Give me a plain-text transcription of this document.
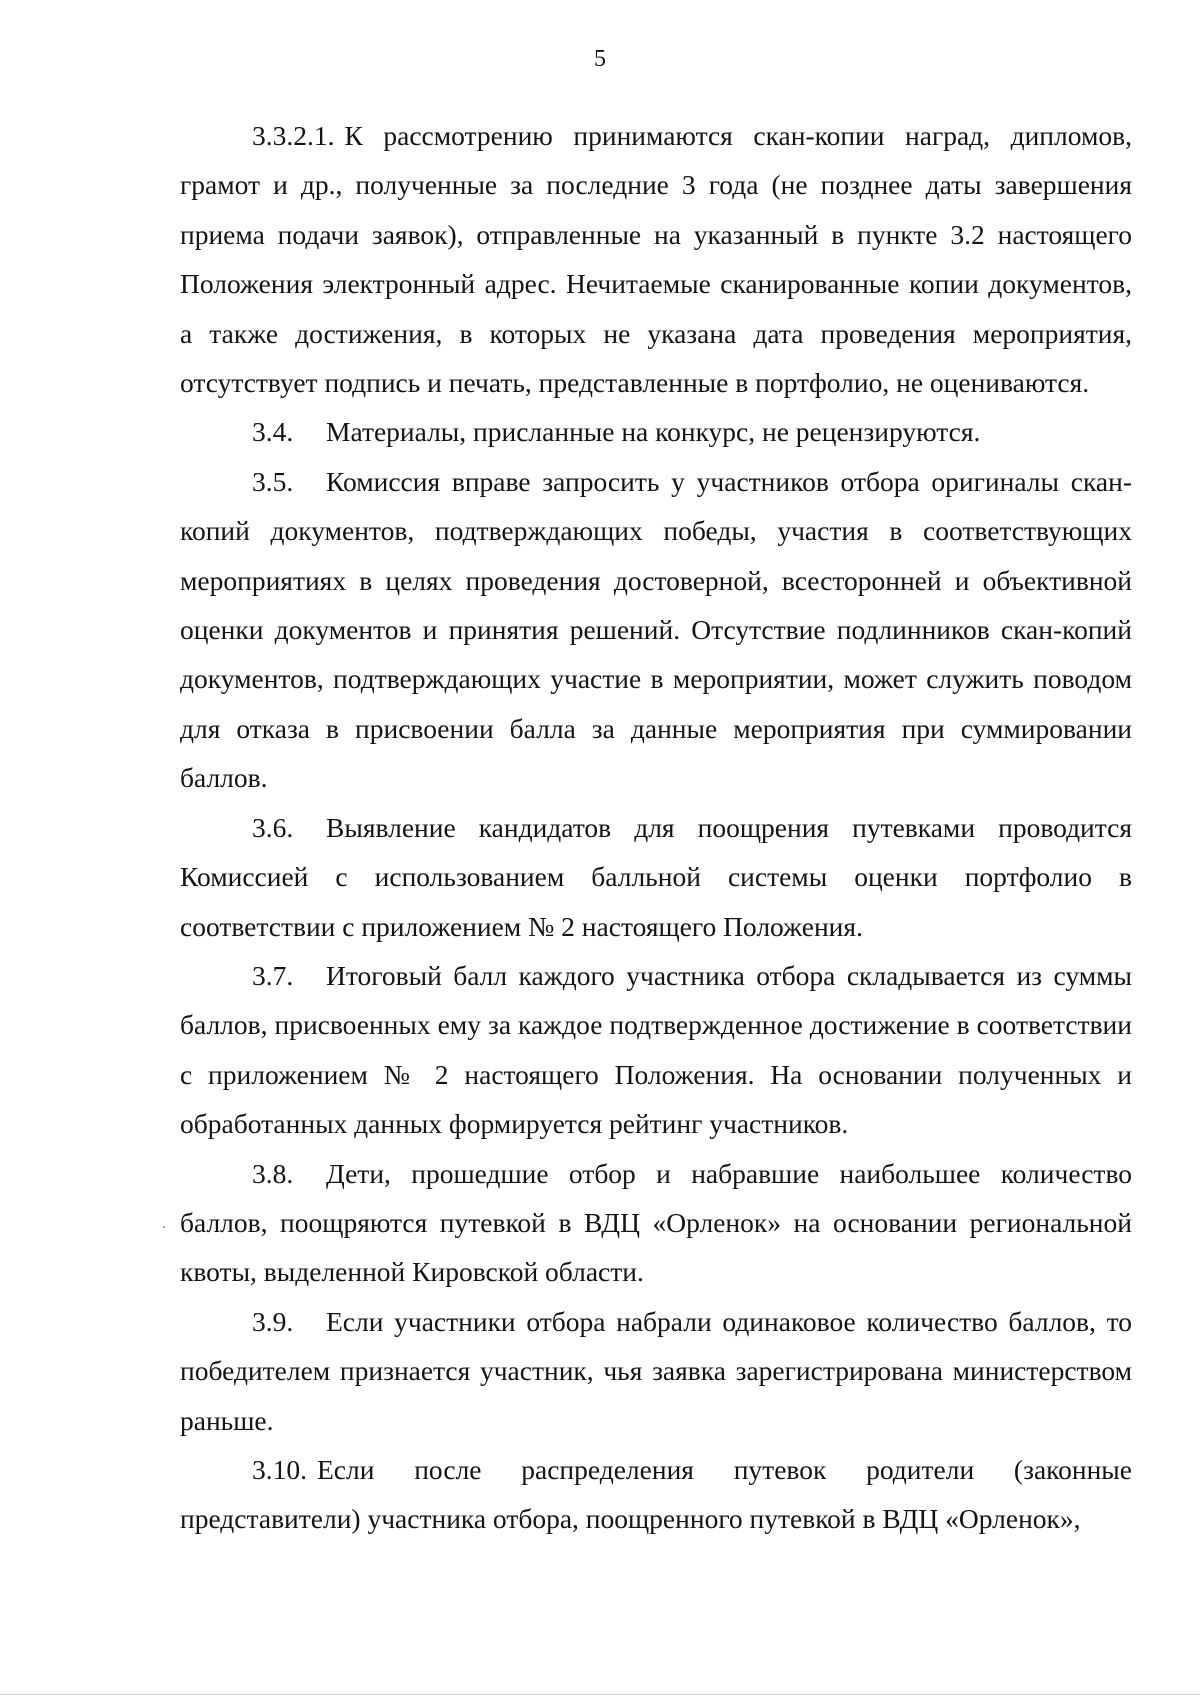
5

3.3.2.1. К рассмотрению принимаются скан-копии наград, дипломов, грамот и др., полученные за последние 3 года (не позднее даты завершения приема подачи заявок), отправленные на указанный в пункте 3.2 настоящего Положения электронный адрес. Нечитаемые сканированные копии документов, а также достижения, в которых не указана дата проведения мероприятия, отсутствует подпись и печать, представленные в портфолио, не оцениваются.

3.4. Материалы, присланные на конкурс, не рецензируются.

3.5. Комиссия вправе запросить у участников отбора оригиналы скан-копий документов, подтверждающих победы, участия в соответствующих мероприятиях в целях проведения достоверной, всесторонней и объективной оценки документов и принятия решений. Отсутствие подлинников скан-копий документов, подтверждающих участие в мероприятии, может служить поводом для отказа в присвоении балла за данные мероприятия при суммировании баллов.

3.6. Выявление кандидатов для поощрения путевками проводится Комиссией с использованием балльной системы оценки портфолио в соответствии с приложением № 2 настоящего Положения.

3.7. Итоговый балл каждого участника отбора складывается из суммы баллов, присвоенных ему за каждое подтвержденное достижение в соответствии с приложением № 2 настоящего Положения. На основании полученных и обработанных данных формируется рейтинг участников.

3.8. Дети, прошедшие отбор и набравшие наибольшее количество баллов, поощряются путевкой в ВДЦ «Орленок» на основании региональной квоты, выделенной Кировской области.

3.9. Если участники отбора набрали одинаковое количество баллов, то победителем признается участник, чья заявка зарегистрирована министерством раньше.

3.10. Если после распределения путевок родители (законные представители) участника отбора, поощренного путевкой в ВДЦ «Орленок»,
